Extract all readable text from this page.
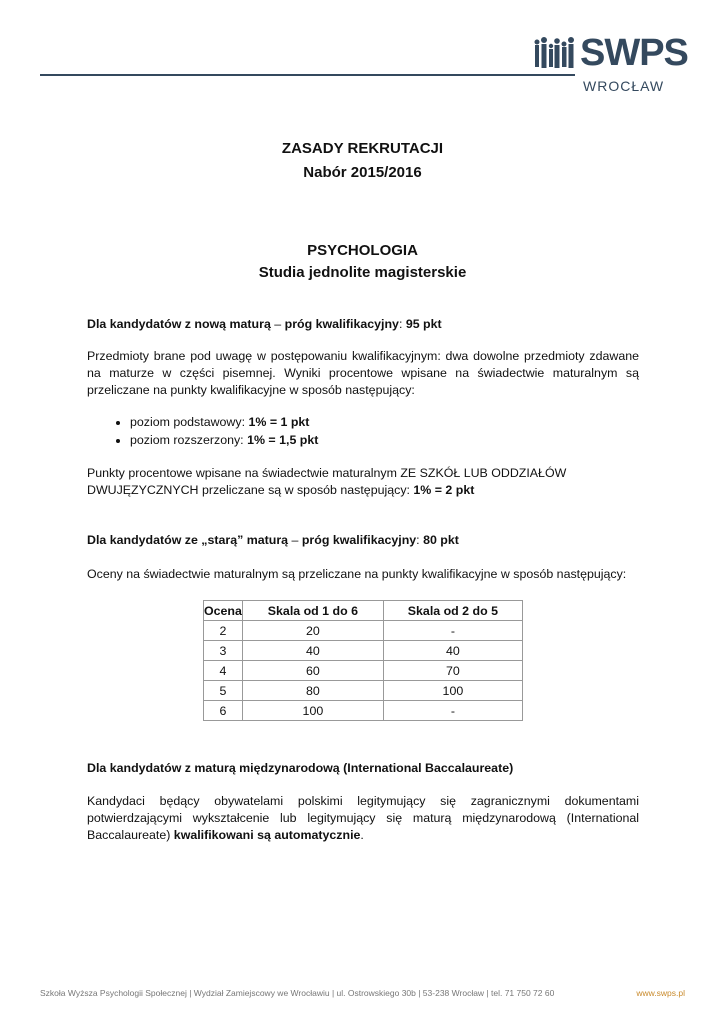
SWPS
WROCŁAW
ZASADY REKRUTACJI
Nabór 2015/2016
PSYCHOLOGIA
Studia jednolite magisterskie
Dla kandydatów z nową maturą – próg kwalifikacyjny: 95 pkt
Przedmioty brane pod uwagę w postępowaniu kwalifikacyjnym: dwa dowolne przedmioty zdawane na maturze w części pisemnej. Wyniki procentowe wpisane na świadectwie maturalnym są przeliczane na punkty kwalifikacyjne w sposób następujący:
• poziom podstawowy: 1% = 1 pkt
• poziom rozszerzony: 1% = 1,5 pkt
Punkty procentowe wpisane na świadectwie maturalnym ZE SZKÓŁ LUB ODDZIAŁÓW DWUJĘZYCZNYCH przeliczane są w sposób następujący: 1% = 2 pkt
Dla kandydatów ze „starą” maturą – próg kwalifikacyjny: 80 pkt
Oceny na świadectwie maturalnym są przeliczane na punkty kwalifikacyjne w sposób następujący:
Ocena	Skala od 1 do 6	Skala od 2 do 5
2	20	-
3	40	40
4	60	70
5	80	100
6	100	-
Dla kandydatów z maturą międzynarodową (International Baccalaureate)
Kandydaci będący obywatelami polskimi legitymujący się zagranicznymi dokumentami potwierdzającymi wykształcenie lub legitymujący się maturą międzynarodową (International Baccalaureate) kwalifikowani są automatycznie.
Szkoła Wyższa Psychologii Społecznej | Wydział Zamiejscowy we Wrocławiu | ul. Ostrowskiego 30b | 53-238 Wrocław | tel. 71 750 72 60	www.swps.pl
